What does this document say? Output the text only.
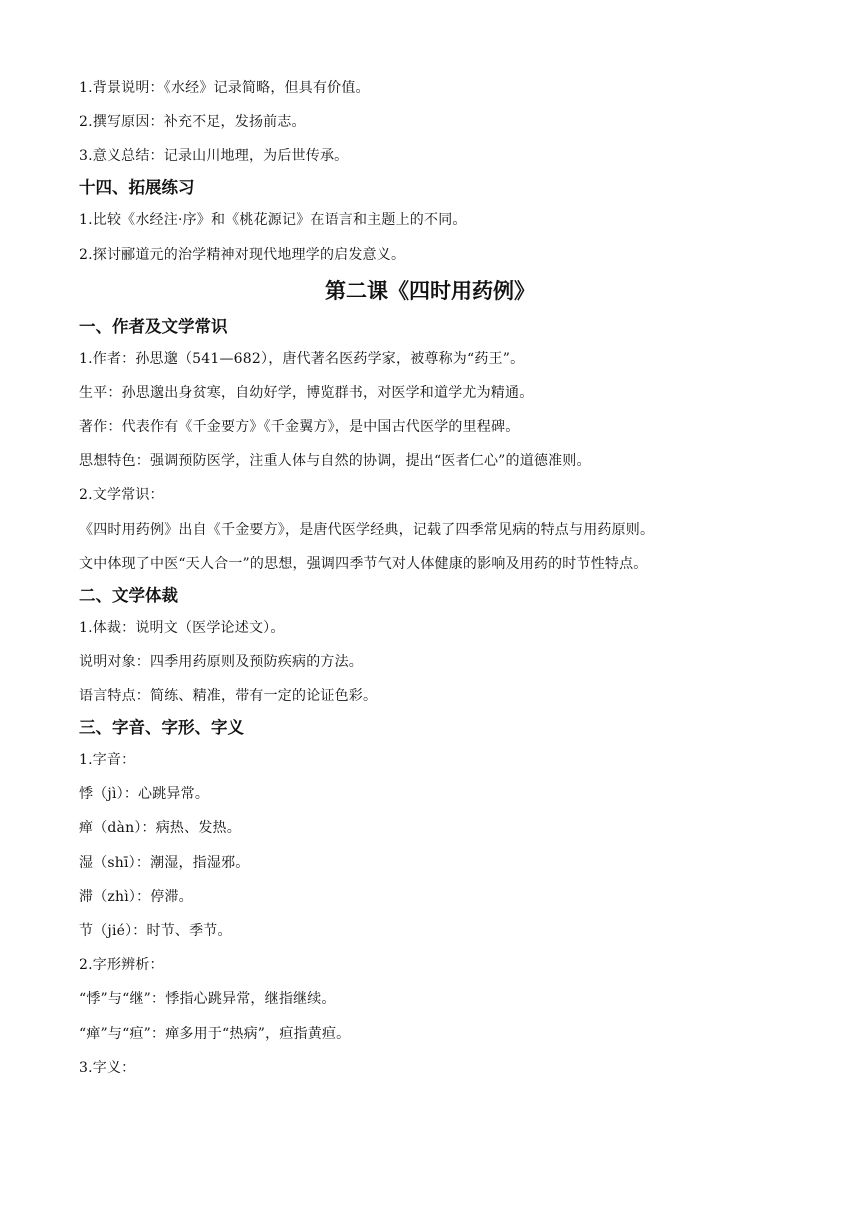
1.背景说明：《水经》记录简略，但具有价值。
2.撰写原因：补充不足，发扬前志。
3.意义总结：记录山川地理，为后世传承。
十四、拓展练习
1.比较《水经注·序》和《桃花源记》在语言和主题上的不同。
2.探讨郦道元的治学精神对现代地理学的启发意义。
第二课《四时用药例》
一、作者及文学常识
1.作者：孙思邈（541—682），唐代著名医药学家，被尊称为“药王”。
生平：孙思邈出身贫寒，自幼好学，博览群书，对医学和道学尤为精通。
著作：代表作有《千金要方》《千金翼方》，是中国古代医学的里程碑。
思想特色：强调预防医学，注重人体与自然的协调，提出“医者仁心”的道德准则。
2.文学常识：
《四时用药例》出自《千金要方》，是唐代医学经典，记载了四季常见病的特点与用药原则。
文中体现了中医“天人合一”的思想，强调四季节气对人体健康的影响及用药的时节性特点。
二、文学体裁
1.体裁：说明文（医学论述文）。
说明对象：四季用药原则及预防疾病的方法。
语言特点：简练、精准，带有一定的论证色彩。
三、字音、字形、字义
1.字音：
悸（jì）：心跳异常。
瘅（dàn）：病热、发热。
湿（shī）：潮湿，指湿邪。
滞（zhì）：停滞。
节（jié）：时节、季节。
2.字形辨析：
“悸”与“继”：悸指心跳异常，继指继续。
“瘅”与“疸”：瘅多用于“热病”，疸指黄疸。
3.字义：
